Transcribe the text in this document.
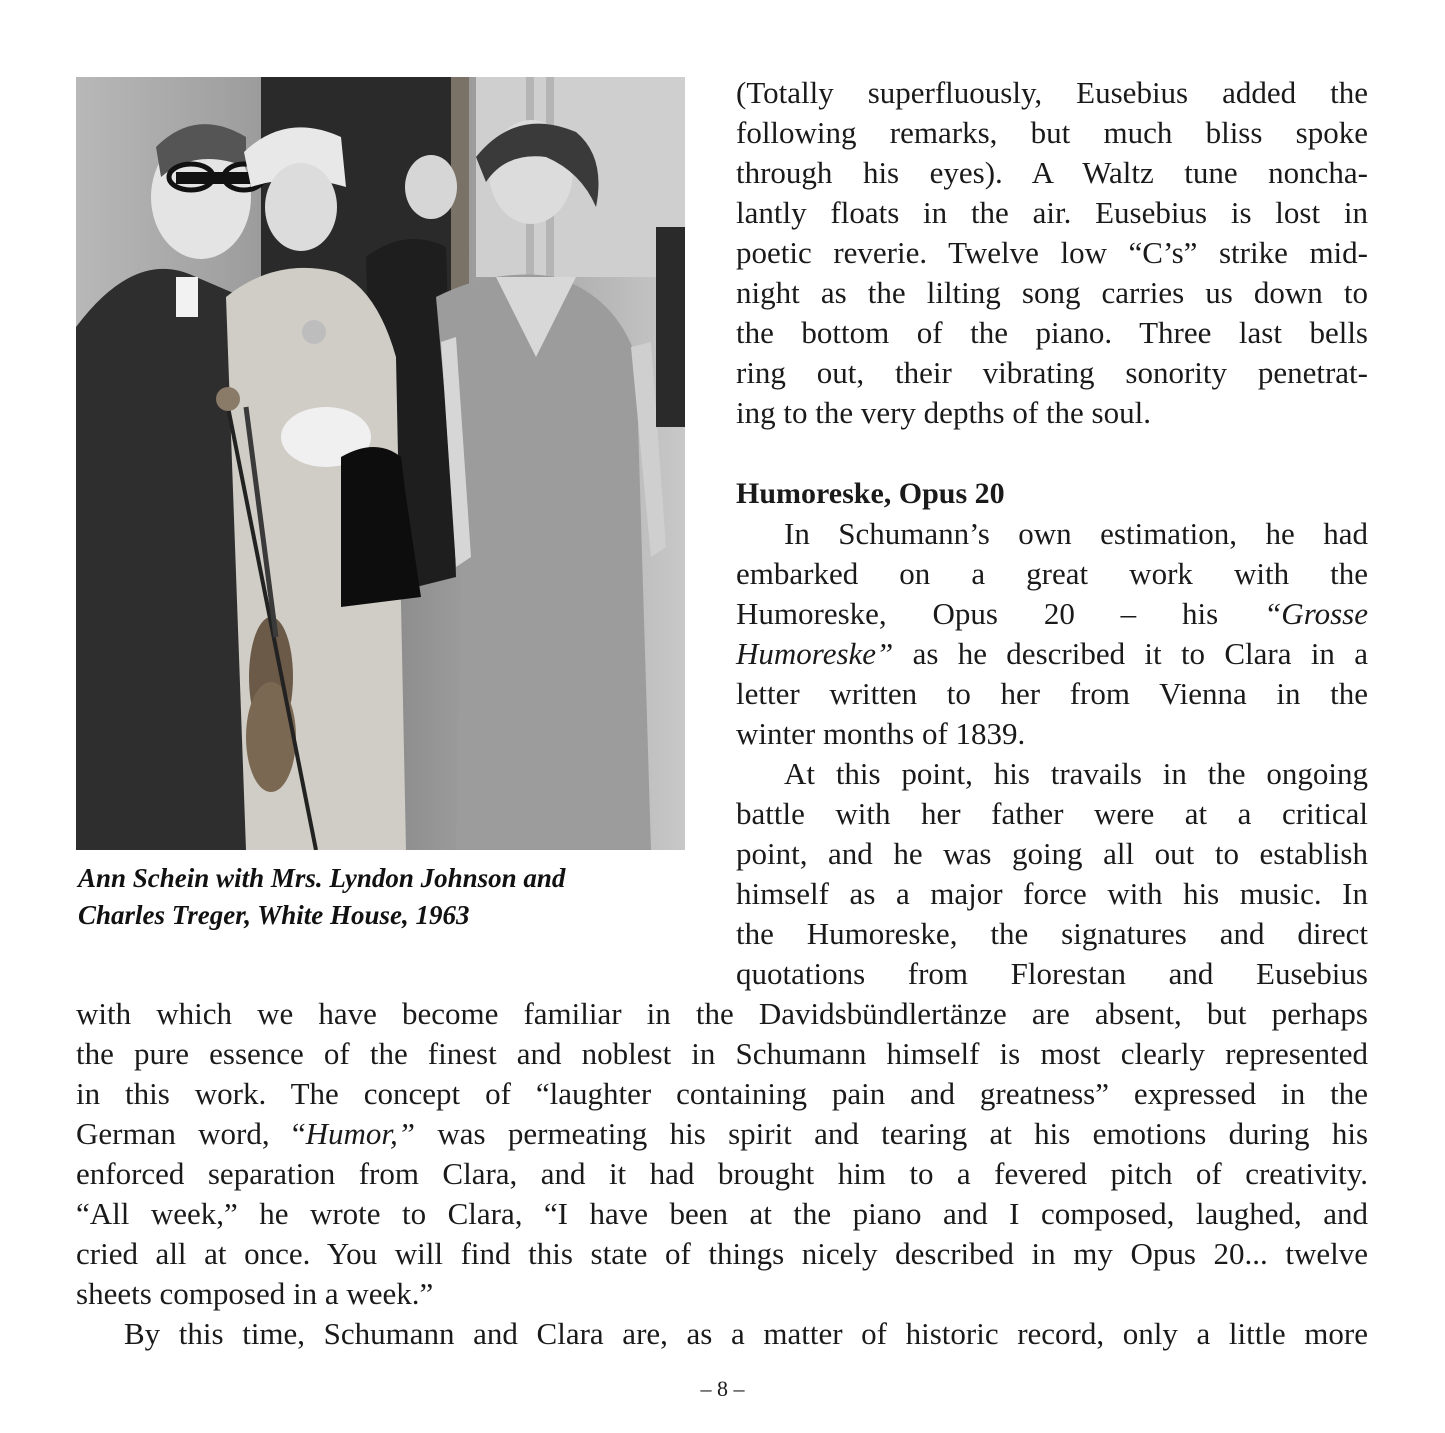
Ann Schein with Mrs. Lyndon Johnson and
Charles Treger, White House, 1963
(Totally superfluously, Eusebius added the
following remarks, but much bliss spoke
through his eyes). A Waltz tune noncha-
lantly floats in the air. Eusebius is lost in
poetic reverie. Twelve low “C’s” strike mid-
night as the lilting song carries us down to
the bottom of the piano. Three last bells
ring out, their vibrating sonority penetrat-
ing to the very depths of the soul.
Humoreske, Opus 20
In Schumann’s own estimation, he had
embarked on a great work with the
Humoreske, Opus 20 – his “Grosse
Humoreske” as he described it to Clara in a
letter written to her from Vienna in the
winter months of 1839.
At this point, his travails in the ongoing
battle with her father were at a critical
point, and he was going all out to establish
himself as a major force with his music. In
the Humoreske, the signatures and direct
quotations from Florestan and Eusebius
with which we have become familiar in the Davidsbündlertänze are absent, but perhaps
the pure essence of the finest and noblest in Schumann himself is most clearly represented
in this work. The concept of “laughter containing pain and greatness” expressed in the
German word, “Humor,” was permeating his spirit and tearing at his emotions during his
enforced separation from Clara, and it had brought him to a fevered pitch of creativity.
“All week,” he wrote to Clara, “I have been at the piano and I composed, laughed, and
cried all at once. You will find this state of things nicely described in my Opus 20... twelve
sheets composed in a week.”
By this time, Schumann and Clara are, as a matter of historic record, only a little more
– 8 –
